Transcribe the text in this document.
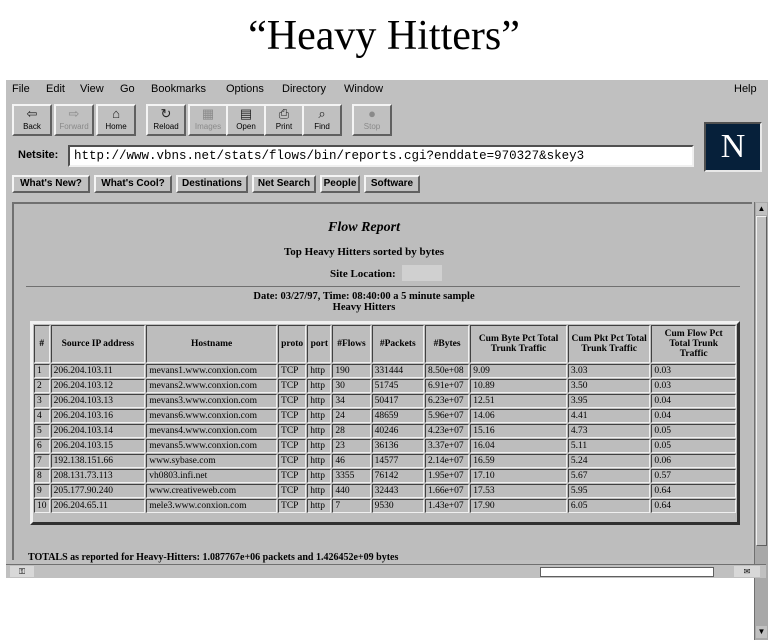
“Heavy Hitters”
File Edit View Go Bookmarks Options Directory Window	Help
⇦
Back
⇨
Forward
⌂
Home
↻
Reload
▦
Images
▤
Open
⎙
Print
⌕
Find
●
Stop
N
Netsite:
http://www.vbns.net/stats/flows/bin/reports.cgi?enddate=970327&skey3
What's New?	What's Cool?	Destinations	Net Search	People	Software
Flow Report
Top Heavy Hitters sorted by bytes
Site Location:
Date: 03/27/97, Time: 08:40:00 a 5 minute sample
Heavy Hitters
#	Source IP address	Hostname	proto	port	#Flows	#Packets	#Bytes	Cum Byte Pct Total Trunk Traffic	Cum Pkt Pct Total Trunk Traffic	Cum Flow Pct Total Trunk Traffic
1	206.204.103.11	mevans1.www.conxion.com	TCP	http	190	331444	8.50e+08	9.09	3.03	0.03
2	206.204.103.12	mevans2.www.conxion.com	TCP	http	30	51745	6.91e+07	10.89	3.50	0.03
3	206.204.103.13	mevans3.www.conxion.com	TCP	http	34	50417	6.23e+07	12.51	3.95	0.04
4	206.204.103.16	mevans6.www.conxion.com	TCP	http	24	48659	5.96e+07	14.06	4.41	0.04
5	206.204.103.14	mevans4.www.conxion.com	TCP	http	28	40246	4.23e+07	15.16	4.73	0.05
6	206.204.103.15	mevans5.www.conxion.com	TCP	http	23	36136	3.37e+07	16.04	5.11	0.05
7	192.138.151.66	www.sybase.com	TCP	http	46	14577	2.14e+07	16.59	5.24	0.06
8	208.131.73.113	vh0803.infi.net	TCP	http	3355	76142	1.95e+07	17.10	5.67	0.57
9	205.177.90.240	www.creativeweb.com	TCP	http	440	32443	1.66e+07	17.53	5.95	0.64
10	206.204.65.11	mele3.www.conxion.com	TCP	http	7	9530	1.43e+07	17.90	6.05	0.64
TOTALS as reported for Heavy-Hitters: 1.087767e+06 packets and 1.426452e+09 bytes
▲
▼
⚿	✉
